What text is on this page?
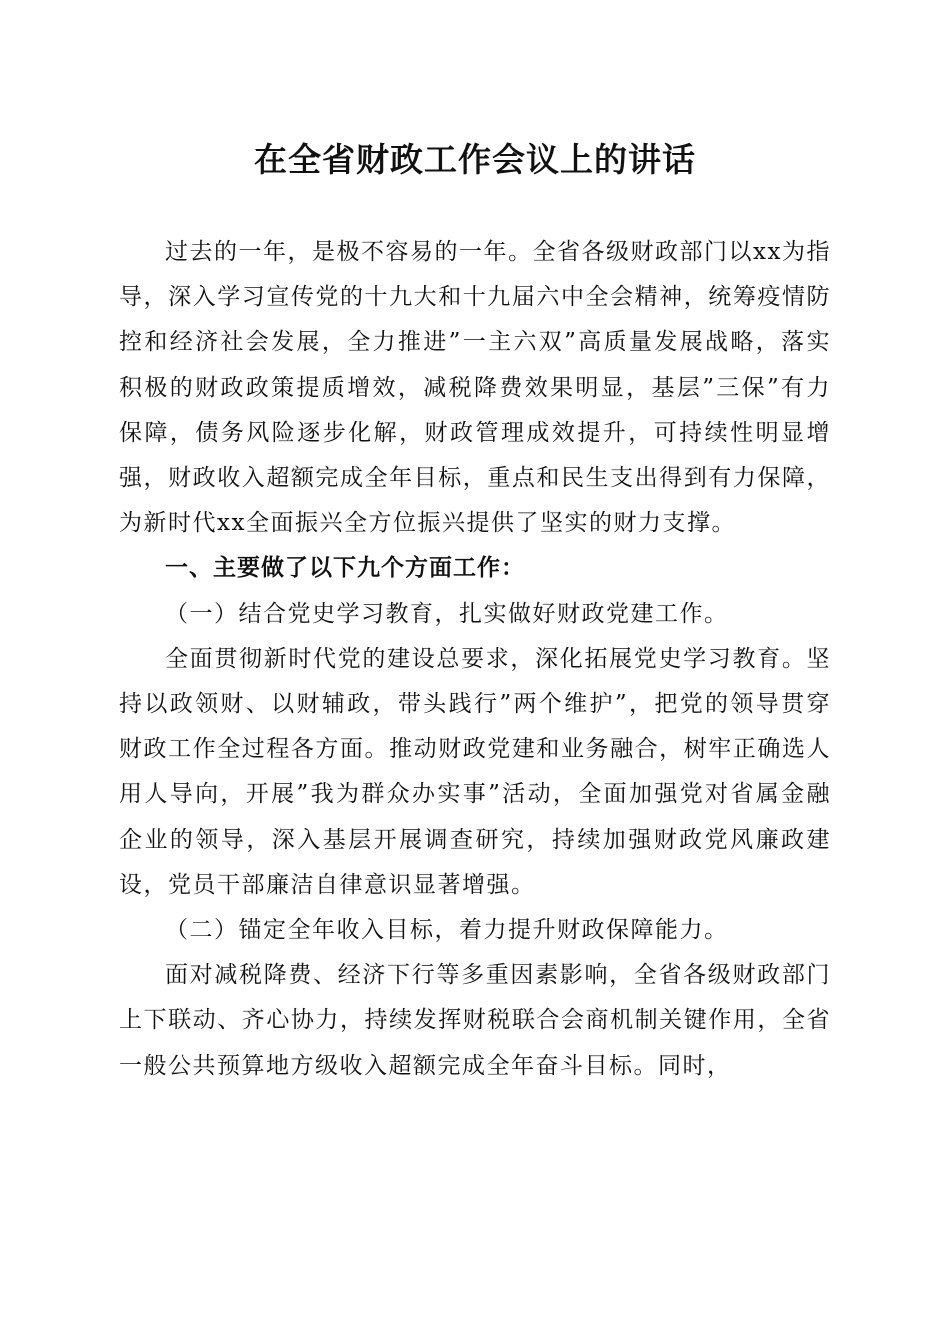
在全省财政工作会议上的讲话

过去的一年，是极不容易的一年。全省各级财政部门以xx为指导，深入学习宣传党的十九大和十九届六中全会精神，统筹疫情防控和经济社会发展，全力推进”一主六双”高质量发展战略，落实积极的财政政策提质增效，减税降费效果明显，基层”三保”有力保障，债务风险逐步化解，财政管理成效提升，可持续性明显增强，财政收入超额完成全年目标，重点和民生支出得到有力保障，为新时代xx全面振兴全方位振兴提供了坚实的财力支撑。

一、主要做了以下九个方面工作：

（一）结合党史学习教育，扎实做好财政党建工作。

全面贯彻新时代党的建设总要求，深化拓展党史学习教育。坚持以政领财、以财辅政，带头践行”两个维护”，把党的领导贯穿财政工作全过程各方面。推动财政党建和业务融合，树牢正确选人用人导向，开展”我为群众办实事”活动，全面加强党对省属金融企业的领导，深入基层开展调查研究，持续加强财政党风廉政建设，党员干部廉洁自律意识显著增强。

（二）锚定全年收入目标，着力提升财政保障能力。

面对减税降费、经济下行等多重因素影响，全省各级财政部门上下联动、齐心协力，持续发挥财税联合会商机制关键作用，全省一般公共预算地方级收入超额完成全年奋斗目标。同时，
